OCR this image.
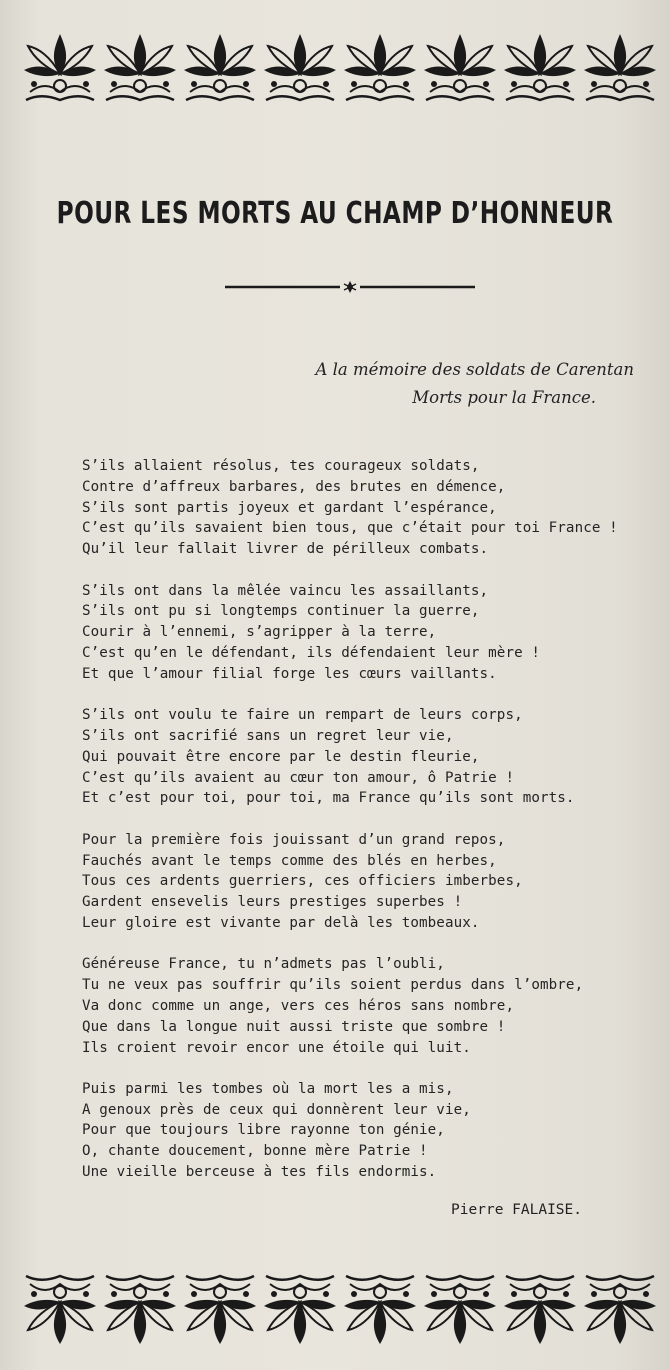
POUR LES MORTS AU CHAMP D’HONNEUR
A la mémoire des soldats de Carentan
Morts pour la France.
S’ils allaient résolus, tes courageux soldats,
Contre d’affreux barbares, des brutes en démence,
S’ils sont partis joyeux et gardant l’espérance,
C’est qu’ils savaient bien tous, que c’était pour toi France !
Qu’il leur fallait livrer de périlleux combats.
S’ils ont dans la mêlée vaincu les assaillants,
S’ils ont pu si longtemps continuer la guerre,
Courir à l’ennemi, s’agripper à la terre,
C’est qu’en le défendant, ils défendaient leur mère !
Et que l’amour filial forge les cœurs vaillants.
S’ils ont voulu te faire un rempart de leurs corps,
S’ils ont sacrifié sans un regret leur vie,
Qui pouvait être encore par le destin fleurie,
C’est qu’ils avaient au cœur ton amour, ô Patrie !
Et c’est pour toi, pour toi, ma France qu’ils sont morts.
Pour la première fois jouissant d’un grand repos,
Fauchés avant le temps comme des blés en herbes,
Tous ces ardents guerriers, ces officiers imberbes,
Gardent ensevelis leurs prestiges superbes !
Leur gloire est vivante par delà les tombeaux.
Généreuse France, tu n’admets pas l’oubli,
Tu ne veux pas souffrir qu’ils soient perdus dans l’ombre,
Va donc comme un ange, vers ces héros sans nombre,
Que dans la longue nuit aussi triste que sombre !
Ils croient revoir encor une étoile qui luit.
Puis parmi les tombes où la mort les a mis,
A genoux près de ceux qui donnèrent leur vie,
Pour que toujours libre rayonne ton génie,
O, chante doucement, bonne mère Patrie !
Une vieille berceuse à tes fils endormis.
Pierre FALAISE.
